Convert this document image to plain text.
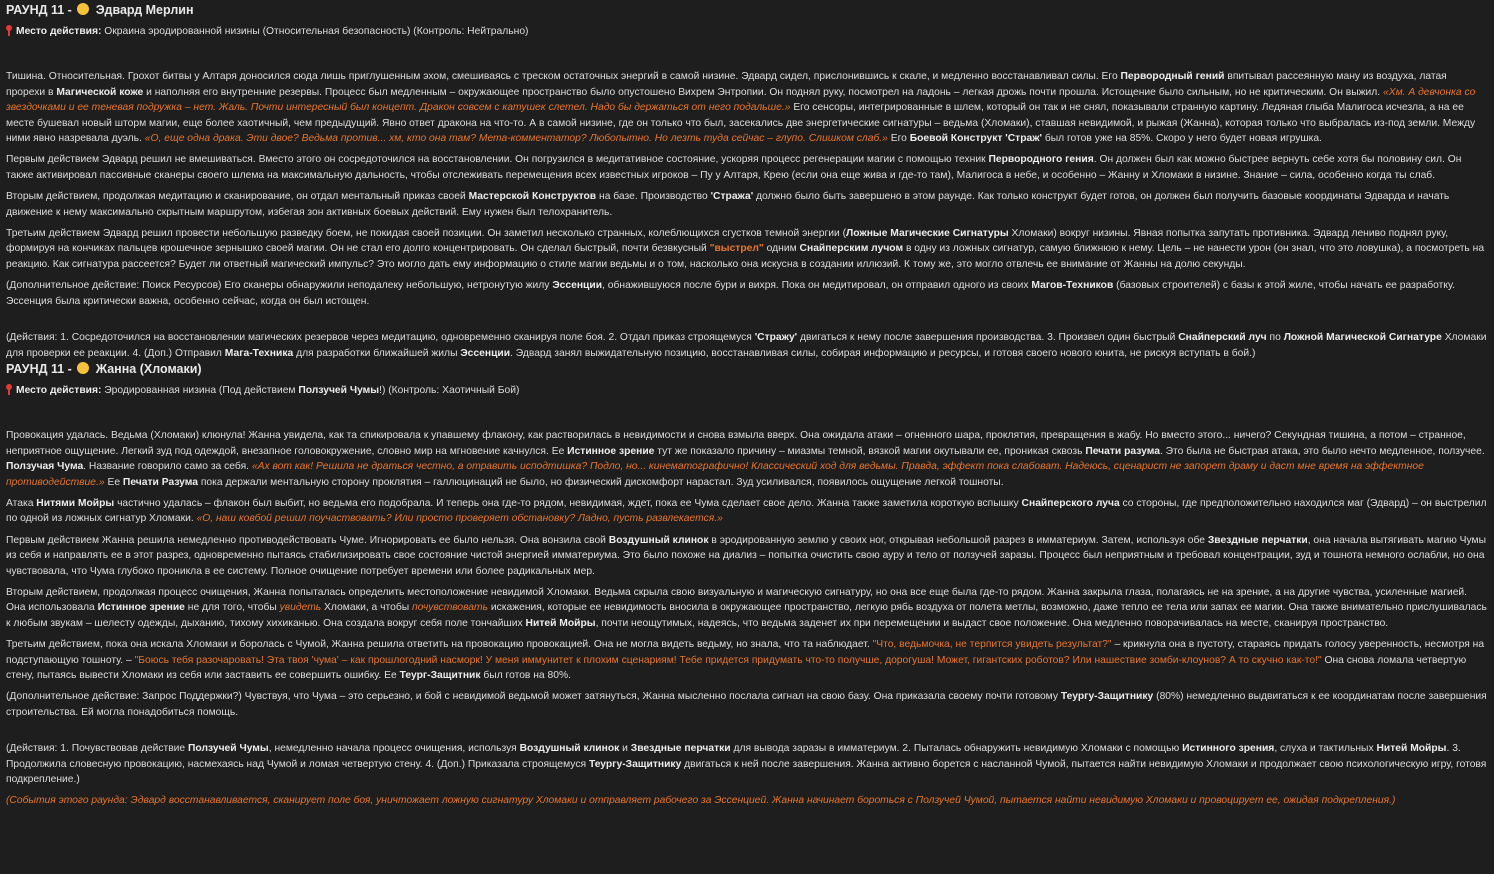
РАУНД 11 -  Эдвард Мерлин
Место действия: Окраина эродированной низины (Относительная безопасность) (Контроль: Нейтрально)

Тишина. Относительная. Грохот битвы у Алтаря доносился сюда лишь приглушенным эхом, смешиваясь с треском остаточных энергий в самой низине. Эдвард сидел, прислонившись к скале, и медленно восстанавливал силы. Его Первородный гений впитывал рассеянную ману из воздуха, латая прорехи в Магической коже и наполняя его внутренние резервы. Процесс был медленным – окружающее пространство было опустошено Вихрем Энтропии. Он поднял руку, посмотрел на ладонь – легкая дрожь почти прошла. Истощение было сильным, но не критическим. Он выжил. «Хм. А девчонка со звездочками и ее теневая подружка – нет. Жаль. Почти интересный был концепт. Дракон совсем с катушек слетел. Надо бы держаться от него подальше.» Его сенсоры, интегрированные в шлем, который он так и не снял, показывали странную картину. Ледяная глыба Малигоса исчезла, а на ее месте бушевал новый шторм магии, еще более хаотичный, чем предыдущий. Явно ответ дракона на что-то. А в самой низине, где он только что был, засекались две энергетические сигнатуры – ведьма (Хломаки), ставшая невидимой, и рыжая (Жанна), которая только что выбралась из-под земли. Между ними явно назревала дуэль. «О, еще одна драка. Эти двое? Ведьма против... хм, кто она там? Мета-комментатор? Любопытно. Но лезть туда сейчас – глупо. Слишком слаб.» Его Боевой Конструкт 'Страж' был готов уже на 85%. Скоро у него будет новая игрушка.

Первым действием Эдвард решил не вмешиваться. Вместо этого он сосредоточился на восстановлении. Он погрузился в медитативное состояние, ускоряя процесс регенерации магии с помощью техник Первородного гения. Он должен был как можно быстрее вернуть себе хотя бы половину сил. Он также активировал пассивные сканеры своего шлема на максимальную дальность, чтобы отслеживать перемещения всех известных игроков – Пу у Алтаря, Крею (если она еще жива и где-то там), Малигоса в небе, и особенно – Жанну и Хломаки в низине. Знание – сила, особенно когда ты слаб.

Вторым действием, продолжая медитацию и сканирование, он отдал ментальный приказ своей Мастерской Конструктов на базе. Производство 'Стража' должно было быть завершено в этом раунде. Как только конструкт будет готов, он должен был получить базовые координаты Эдварда и начать движение к нему максимально скрытным маршрутом, избегая зон активных боевых действий. Ему нужен был телохранитель.

Третьим действием Эдвард решил провести небольшую разведку боем, не покидая своей позиции. Он заметил несколько странных, колеблющихся сгустков темной энергии (Ложные Магические Сигнатуры Хломаки) вокруг низины. Явная попытка запутать противника. Эдвард лениво поднял руку, формируя на кончиках пальцев крошечное зернышко своей магии. Он не стал его долго концентрировать. Он сделал быстрый, почти безвкусный "выстрел" одним Снайперским лучом в одну из ложных сигнатур, самую ближнюю к нему. Цель – не нанести урон (он знал, что это ловушка), а посмотреть на реакцию. Как сигнатура рассеется? Будет ли ответный магический импульс? Это могло дать ему информацию о стиле магии ведьмы и о том, насколько она искусна в создании иллюзий. К тому же, это могло отвлечь ее внимание от Жанны на долю секунды.

(Дополнительное действие: Поиск Ресурсов) Его сканеры обнаружили неподалеку небольшую, нетронутую жилу Эссенции, обнажившуюся после бури и вихря. Пока он медитировал, он отправил одного из своих Магов-Техников (базовых строителей) с базы к этой жиле, чтобы начать ее разработку. Эссенция была критически важна, особенно сейчас, когда он был истощен.

(Действия: 1. Сосредоточился на восстановлении магических резервов через медитацию, одновременно сканируя поле боя. 2. Отдал приказ строящемуся 'Стражу' двигаться к нему после завершения производства. 3. Произвел один быстрый Снайперский луч по Ложной Магической Сигнатуре Хломаки для проверки ее реакции. 4. (Доп.) Отправил Мага-Техника для разработки ближайшей жилы Эссенции. Эдвард занял выжидательную позицию, восстанавливая силы, собирая информацию и ресурсы, и готовя своего нового юнита, не рискуя вступать в бой.)

РАУНД 11 -  Жанна (Хломаки)
Место действия: Эродированная низина (Под действием Ползучей Чумы!) (Контроль: Хаотичный Бой)

Провокация удалась. Ведьма (Хломаки) клюнула! Жанна увидела, как та спикировала к упавшему флакону, как растворилась в невидимости и снова взмыла вверх. Она ожидала атаки – огненного шара, проклятия, превращения в жабу. Но вместо этого... ничего? Секундная тишина, а потом – странное, неприятное ощущение. Легкий зуд под одеждой, внезапное головокружение, словно мир на мгновение качнулся. Ее Истинное зрение тут же показало причину – миазмы темной, вязкой магии окутывали ее, проникая сквозь Печати разума. Это была не быстрая атака, это было нечто медленное, ползучее. Ползучая Чума. Название говорило само за себя. «Ах вот как! Решила не драться честно, а отравить исподтишка? Подло, но... кинематографично! Классический ход для ведьмы. Правда, эффект пока слабоват. Надеюсь, сценарист не запорет драму и даст мне время на эффектное противодействие.» Ее Печати Разума пока держали ментальную сторону проклятия – галлюцинаций не было, но физический дискомфорт нарастал. Зуд усиливался, появилось ощущение легкой тошноты.

Атака Нитями Мойры частично удалась – флакон был выбит, но ведьма его подобрала. И теперь она где-то рядом, невидимая, ждет, пока ее Чума сделает свое дело. Жанна также заметила короткую вспышку Снайперского луча со стороны, где предположительно находился маг (Эдвард) – он выстрелил по одной из ложных сигнатур Хломаки. «О, наш ковбой решил поучаствовать? Или просто проверяет обстановку? Ладно, пусть развлекается.»

Первым действием Жанна решила немедленно противодействовать Чуме. Игнорировать ее было нельзя. Она вонзила свой Воздушный клинок в эродированную землю у своих ног, открывая небольшой разрез в имматериум. Затем, используя обе Звездные перчатки, она начала вытягивать магию Чумы из себя и направлять ее в этот разрез, одновременно пытаясь стабилизировать свое состояние чистой энергией имматериума. Это было похоже на диализ – попытка очистить свою ауру и тело от ползучей заразы. Процесс был неприятным и требовал концентрации, зуд и тошнота немного ослабли, но она чувствовала, что Чума глубоко проникла в ее систему. Полное очищение потребует времени или более радикальных мер.

Вторым действием, продолжая процесс очищения, Жанна попыталась определить местоположение невидимой Хломаки. Ведьма скрыла свою визуальную и магическую сигнатуру, но она все еще была где-то рядом. Жанна закрыла глаза, полагаясь не на зрение, а на другие чувства, усиленные магией. Она использовала Истинное зрение не для того, чтобы увидеть Хломаки, а чтобы почувствовать искажения, которые ее невидимость вносила в окружающее пространство, легкую рябь воздуха от полета метлы, возможно, даже тепло ее тела или запах ее магии. Она также внимательно прислушивалась к любым звукам – шелесту одежды, дыханию, тихому хихиканью. Она создала вокруг себя поле тончайших Нитей Мойры, почти неощутимых, надеясь, что ведьма заденет их при перемещении и выдаст свое положение. Она медленно поворачивалась на месте, сканируя пространство.

Третьим действием, пока она искала Хломаки и боролась с Чумой, Жанна решила ответить на провокацию провокацией. Она не могла видеть ведьму, но знала, что та наблюдает. "Что, ведьмочка, не терпится увидеть результат?" – крикнула она в пустоту, стараясь придать голосу уверенность, несмотря на подступающую тошноту. – "Боюсь тебя разочаровать! Эта твоя 'чума' – как прошлогодний насморк! У меня иммунитет к плохим сценариям! Тебе придется придумать что-то получше, дорогуша! Может, гигантских роботов? Или нашествие зомби-клоунов? А то скучно как-то!" Она снова ломала четвертую стену, пытаясь вывести Хломаки из себя или заставить ее совершить ошибку. Ее Теург-Защитник был готов на 80%.

(Дополнительное действие: Запрос Поддержки?) Чувствуя, что Чума – это серьезно, и бой с невидимой ведьмой может затянуться, Жанна мысленно послала сигнал на свою базу. Она приказала своему почти готовому Теургу-Защитнику (80%) немедленно выдвигаться к ее координатам после завершения строительства. Ей могла понадобиться помощь.

(Действия: 1. Почувствовав действие Ползучей Чумы, немедленно начала процесс очищения, используя Воздушный клинок и Звездные перчатки для вывода заразы в имматериум. 2. Пыталась обнаружить невидимую Хломаки с помощью Истинного зрения, слуха и тактильных Нитей Мойры. 3. Продолжила словесную провокацию, насмехаясь над Чумой и ломая четвертую стену. 4. (Доп.) Приказала строящемуся Теургу-Защитнику двигаться к ней после завершения. Жанна активно борется с насланной Чумой, пытается найти невидимую Хломаки и продолжает свою психологическую игру, готовя подкрепление.)

(События этого раунда: Эдвард восстанавливается, сканирует поле боя, уничтожает ложную сигнатуру Хломаки и отправляет рабочего за Эссенцией. Жанна начинает бороться с Ползучей Чумой, пытается найти невидимую Хломаки и провоцирует ее, ожидая подкрепления.)
